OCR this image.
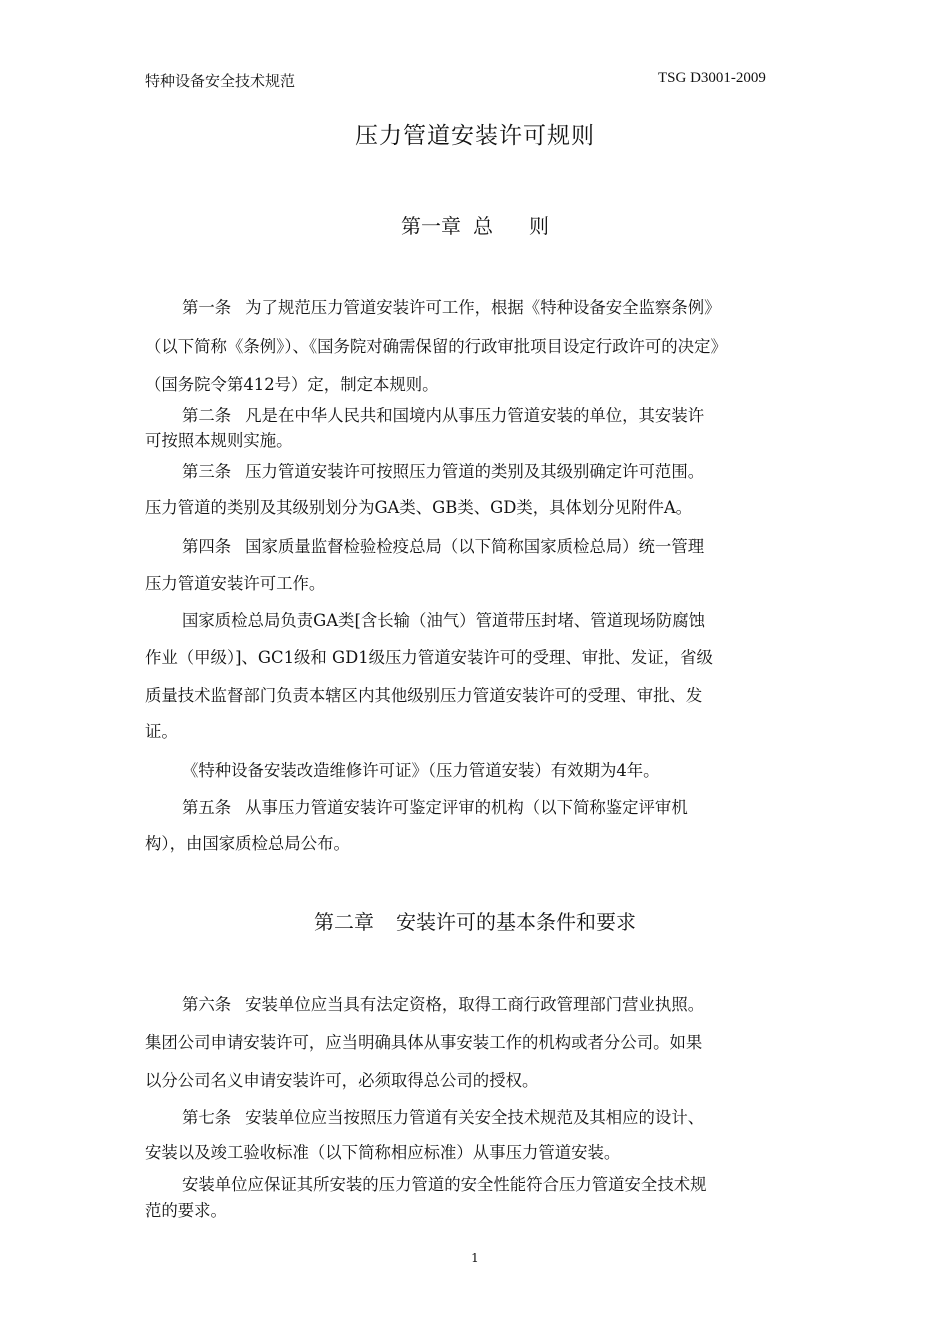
特种设备安全技术规范	TSG D3001-2009
压力管道安装许可规则
第一章 总 则
第一条 为了规范压力管道安装许可工作，根据《特种设备安全监察条例》
（以下简称《条例》）、《国务院对确需保留的行政审批项目设定行政许可的决定》
（国务院令第412号）定，制定本规则。
第二条 凡是在中华人民共和国境内从事压力管道安装的单位，其安装许
可按照本规则实施。
第三条 压力管道安装许可按照压力管道的类别及其级别确定许可范围。
压力管道的类别及其级别划分为GA类、GB类、GD类，具体划分见附件A。
第四条 国家质量监督检验检疫总局（以下简称国家质检总局）统一管理
压力管道安装许可工作。
国家质检总局负责GA类[含长输（油气）管道带压封堵、管道现场防腐蚀
作业（甲级）]、GC1级和 GD1级压力管道安装许可的受理、审批、发证，省级
质量技术监督部门负责本辖区内其他级别压力管道安装许可的受理、审批、发
证。
《特种设备安装改造维修许可证》（压力管道安装）有效期为4年。
第五条 从事压力管道安装许可鉴定评审的机构（以下简称鉴定评审机
构），由国家质检总局公布。
第二章 安装许可的基本条件和要求
第六条 安装单位应当具有法定资格，取得工商行政管理部门营业执照。
集团公司申请安装许可，应当明确具体从事安装工作的机构或者分公司。如果
以分公司名义申请安装许可，必须取得总公司的授权。
第七条 安装单位应当按照压力管道有关安全技术规范及其相应的设计、
安装以及竣工验收标准（以下简称相应标准）从事压力管道安装。
安装单位应保证其所安装的压力管道的安全性能符合压力管道安全技术规
范的要求。
1
